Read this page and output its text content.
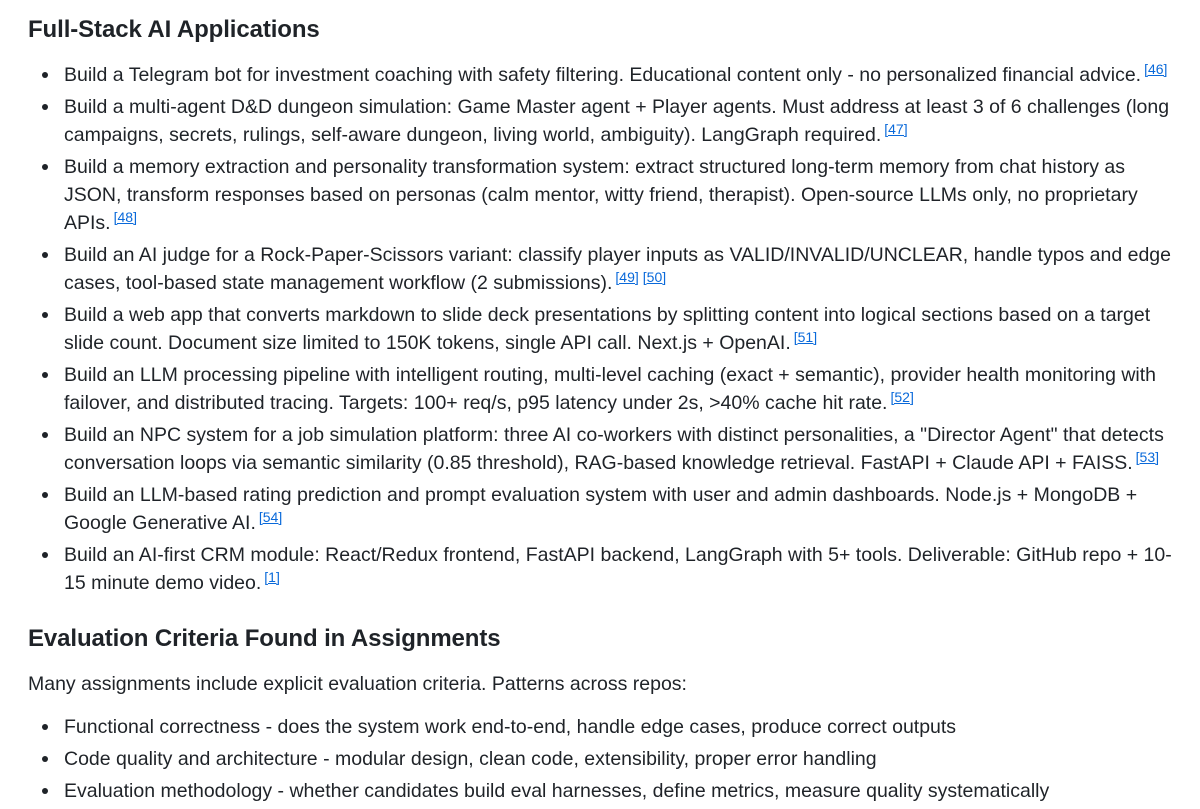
Full-Stack AI Applications
Build a Telegram bot for investment coaching with safety filtering. Educational content only - no personalized financial advice. [46]
Build a multi-agent D&D dungeon simulation: Game Master agent + Player agents. Must address at least 3 of 6 challenges (long campaigns, secrets, rulings, self-aware dungeon, living world, ambiguity). LangGraph required. [47]
Build a memory extraction and personality transformation system: extract structured long-term memory from chat history as JSON, transform responses based on personas (calm mentor, witty friend, therapist). Open-source LLMs only, no proprietary APIs. [48]
Build an AI judge for a Rock-Paper-Scissors variant: classify player inputs as VALID/INVALID/UNCLEAR, handle typos and edge cases, tool-based state management workflow (2 submissions). [49] [50]
Build a web app that converts markdown to slide deck presentations by splitting content into logical sections based on a target slide count. Document size limited to 150K tokens, single API call. Next.js + OpenAI. [51]
Build an LLM processing pipeline with intelligent routing, multi-level caching (exact + semantic), provider health monitoring with failover, and distributed tracing. Targets: 100+ req/s, p95 latency under 2s, >40% cache hit rate. [52]
Build an NPC system for a job simulation platform: three AI co-workers with distinct personalities, a "Director Agent" that detects conversation loops via semantic similarity (0.85 threshold), RAG-based knowledge retrieval. FastAPI + Claude API + FAISS. [53]
Build an LLM-based rating prediction and prompt evaluation system with user and admin dashboards. Node.js + MongoDB + Google Generative AI. [54]
Build an AI-first CRM module: React/Redux frontend, FastAPI backend, LangGraph with 5+ tools. Deliverable: GitHub repo + 10-15 minute demo video. [1]
Evaluation Criteria Found in Assignments

Many assignments include explicit evaluation criteria. Patterns across repos:

Functional correctness - does the system work end-to-end, handle edge cases, produce correct outputs
Code quality and architecture - modular design, clean code, extensibility, proper error handling
Evaluation methodology - whether candidates build eval harnesses, define metrics, measure quality systematically
